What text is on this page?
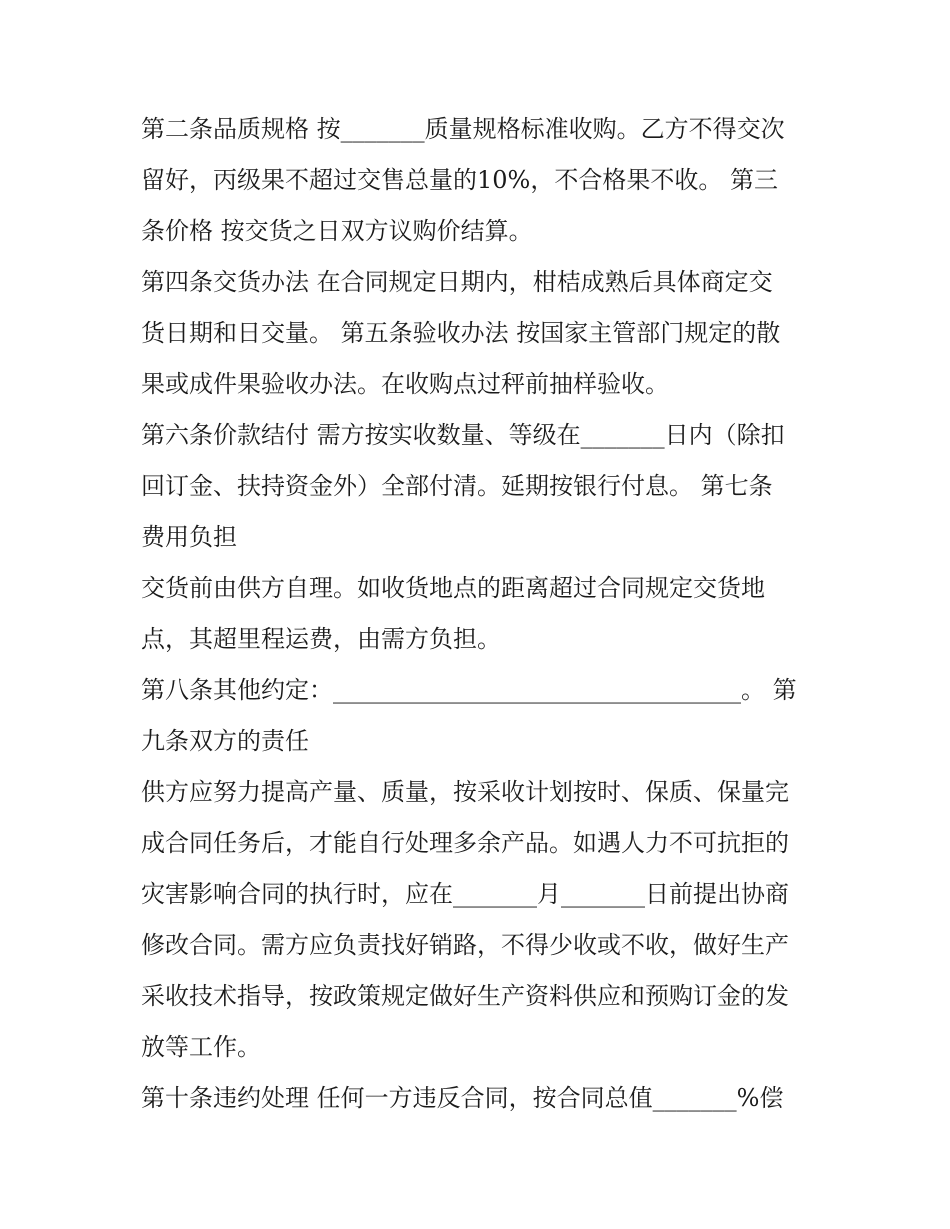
第二条品质规格 按_______质量规格标准收购。乙方不得交次

留好，丙级果不超过交售总量的10%，不合格果不收。 第三

条价格 按交货之日双方议购价结算。

第四条交货办法 在合同规定日期内，柑桔成熟后具体商定交

货日期和日交量。 第五条验收办法 按国家主管部门规定的散

果或成件果验收办法。在收购点过秤前抽样验收。

第六条价款结付 需方按实收数量、等级在_______日内（除扣

回订金、扶持资金外）全部付清。延期按银行付息。 第七条

费用负担

交货前由供方自理。如收货地点的距离超过合同规定交货地

点，其超里程运费，由需方负担。

第八条其他约定：__________________________________。 第

九条双方的责任

供方应努力提高产量、质量，按采收计划按时、保质、保量完

成合同任务后，才能自行处理多余产品。如遇人力不可抗拒的

灾害影响合同的执行时，应在_______月_______日前提出协商

修改合同。需方应负责找好销路，不得少收或不收，做好生产

采收技术指导，按政策规定做好生产资料供应和预购订金的发

放等工作。

第十条违约处理 任何一方违反合同，按合同总值_______%偿
